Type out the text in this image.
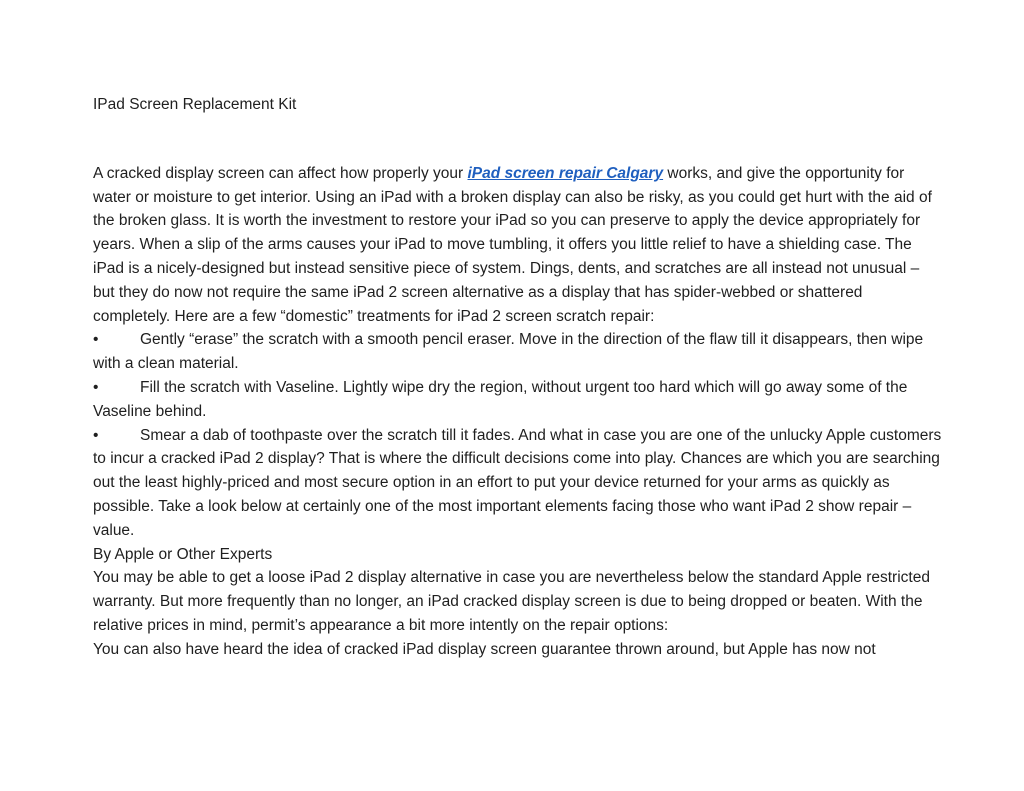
IPad Screen Replacement Kit

A cracked display screen can affect how properly your iPad screen repair Calgary works, and give the opportunity for water or moisture to get interior. Using an iPad with a broken display can also be risky, as you could get hurt with the aid of the broken glass. It is worth the investment to restore your iPad so you can preserve to apply the device appropriately for years. When a slip of the arms causes your iPad to move tumbling, it offers you little relief to have a shielding case. The iPad is a nicely-designed but instead sensitive piece of system. Dings, dents, and scratches are all instead not unusual – but they do now not require the same iPad 2 screen alternative as a display that has spider-webbed or shattered completely. Here are a few “domestic” treatments for iPad 2 screen scratch repair:

•	Gently “erase” the scratch with a smooth pencil eraser. Move in the direction of the flaw till it disappears, then wipe with a clean material.

•	Fill the scratch with Vaseline. Lightly wipe dry the region, without urgent too hard which will go away some of the Vaseline behind.

•	Smear a dab of toothpaste over the scratch till it fades. And what in case you are one of the unlucky Apple customers to incur a cracked iPad 2 display? That is where the difficult decisions come into play. Chances are which you are searching out the least highly-priced and most secure option in an effort to put your device returned for your arms as quickly as possible. Take a look below at certainly one of the most important elements facing those who want iPad 2 show repair – value.

By Apple or Other Experts

You may be able to get a loose iPad 2 display alternative in case you are nevertheless below the standard Apple restricted warranty. But more frequently than no longer, an iPad cracked display screen is due to being dropped or beaten. With the relative prices in mind, permit’s appearance a bit more intently on the repair options:

You can also have heard the idea of cracked iPad display screen guarantee thrown around, but Apple has now not
